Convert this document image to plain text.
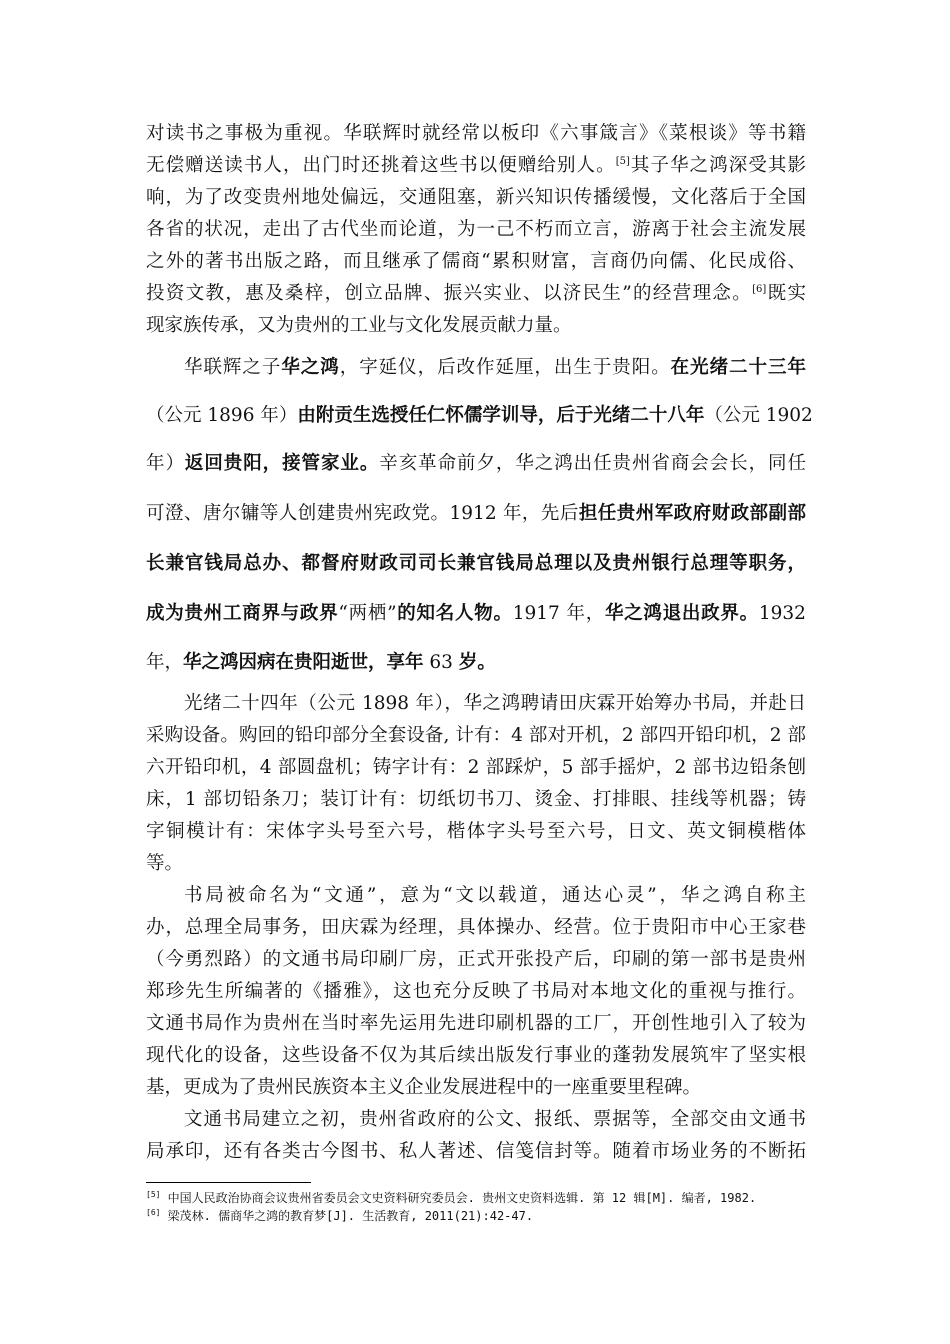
对读书之事极为重视。华联辉时就经常以板印《六事箴言》《菜根谈》等书籍
无偿赠送读书人，出门时还挑着这些书以便赠给别人。[5]其子华之鸿深受其影
响，为了改变贵州地处偏远，交通阻塞，新兴知识传播缓慢，文化落后于全国
各省的状况，走出了古代坐而论道，为一己不朽而立言，游离于社会主流发展
之外的著书出版之路，而且继承了儒商“累积财富，言商仍向儒、化民成俗、
投资文教，惠及桑梓，创立品牌、振兴实业、以济民生”的经营理念。[6]既实
现家族传承，又为贵州的工业与文化发展贡献力量。
华联辉之子华之鸿，字延仪，后改作延厘，出生于贵阳。在光绪二十三年
（公元 1896 年）由附贡生选授任仁怀儒学训导，后于光绪二十八年（公元 1902
年）返回贵阳，接管家业。辛亥革命前夕，华之鸿出任贵州省商会会长，同任
可澄、唐尔镛等人创建贵州宪政党。1912 年，先后担任贵州军政府财政部副部
长兼官钱局总办、都督府财政司司长兼官钱局总理以及贵州银行总理等职务，
成为贵州工商界与政界“两栖”的知名人物。1917 年，华之鸿退出政界。1932
年，华之鸿因病在贵阳逝世，享年 63 岁。
光绪二十四年（公元 1898 年），华之鸿聘请田庆霖开始筹办书局，并赴日
采购设备。购回的铅印部分全套设备, 计有：4 部对开机，2 部四开铅印机，2 部
六开铅印机，4 部圆盘机；铸字计有：2 部踩炉，5 部手摇炉，2 部书边铅条刨
床，1 部切铅条刀；装订计有：切纸切书刀、烫金、打排眼、挂线等机器；铸
字铜模计有：宋体字头号至六号，楷体字头号至六号，日文、英文铜模楷体
等。
书局被命名为“文通”，意为“文以载道，通达心灵”，华之鸿自称主
办，总理全局事务，田庆霖为经理，具体操办、经营。位于贵阳市中心王家巷
（今勇烈路）的文通书局印刷厂房，正式开张投产后，印刷的第一部书是贵州
郑珍先生所编著的《播雅》，这也充分反映了书局对本地文化的重视与推行。
文通书局作为贵州在当时率先运用先进印刷机器的工厂，开创性地引入了较为
现代化的设备，这些设备不仅为其后续出版发行事业的蓬勃发展筑牢了坚实根
基，更成为了贵州民族资本主义企业发展进程中的一座重要里程碑。
文通书局建立之初，贵州省政府的公文、报纸、票据等，全部交由文通书
局承印，还有各类古今图书、私人著述、信笺信封等。随着市场业务的不断拓
[5] 中国人民政治协商会议贵州省委员会文史资料研究委员会. 贵州文史资料选辑. 第 12 辑[M]. 编者, 1982.
[6] 梁茂林. 儒商华之鸿的教育梦[J]. 生活教育, 2011(21):42-47.
